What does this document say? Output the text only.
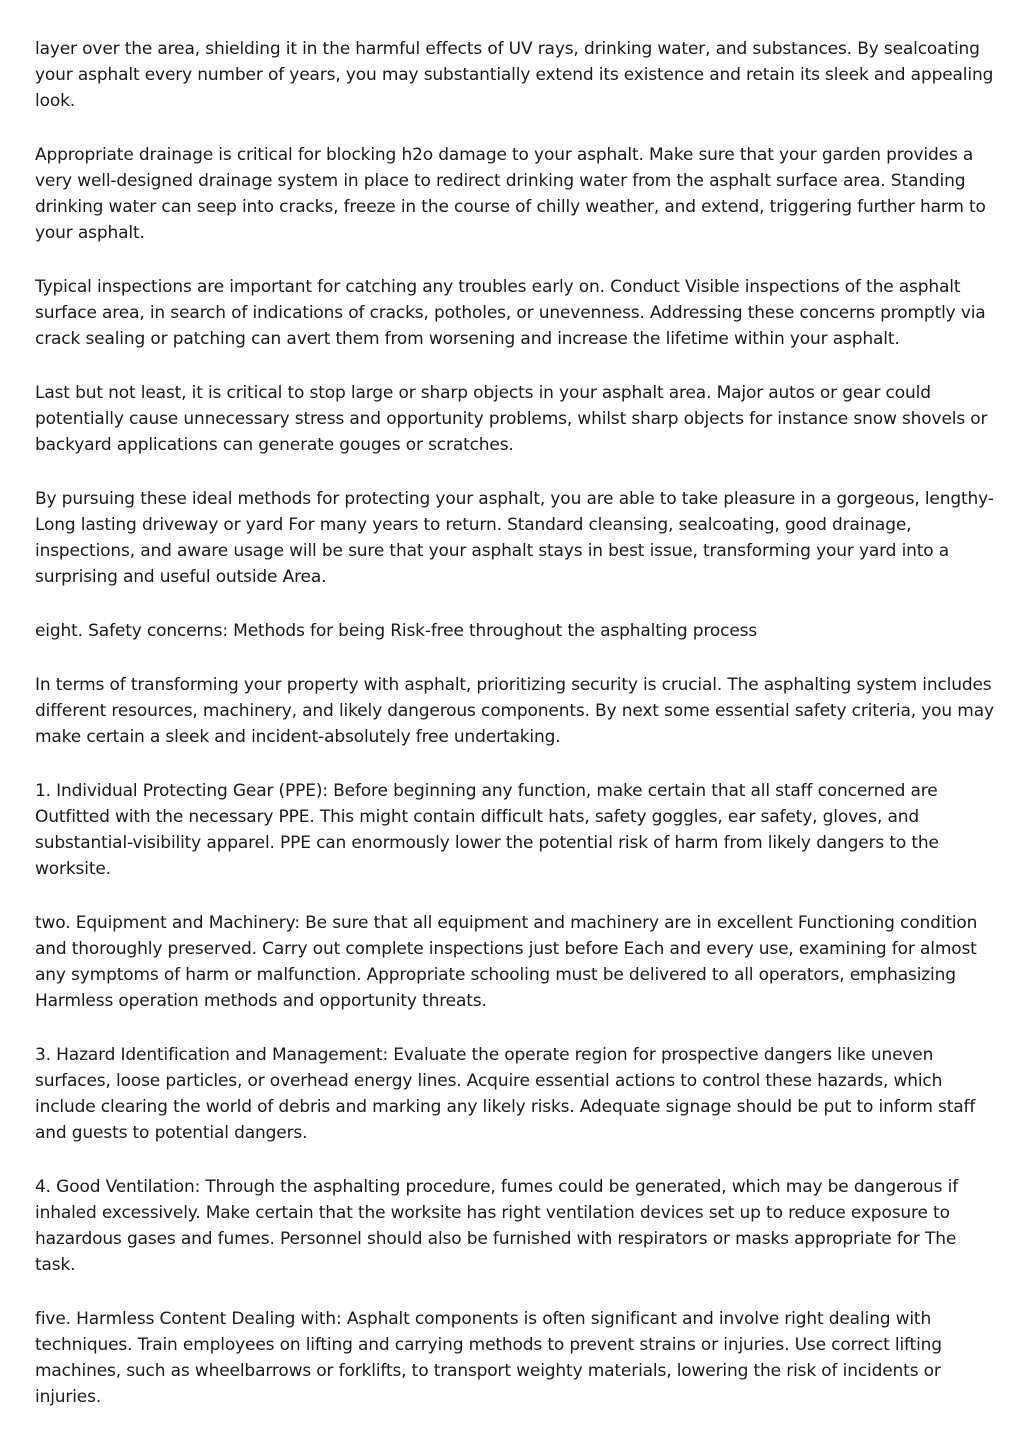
layer over the area, shielding it in the harmful effects of UV rays, drinking water, and substances. By sealcoating your asphalt every number of years, you may substantially extend its existence and retain its sleek and appealing look.

Appropriate drainage is critical for blocking h2o damage to your asphalt. Make sure that your garden provides a very well-designed drainage system in place to redirect drinking water from the asphalt surface area. Standing drinking water can seep into cracks, freeze in the course of chilly weather, and extend, triggering further harm to your asphalt.

Typical inspections are important for catching any troubles early on. Conduct Visible inspections of the asphalt surface area, in search of indications of cracks, potholes, or unevenness. Addressing these concerns promptly via crack sealing or patching can avert them from worsening and increase the lifetime within your asphalt.

Last but not least, it is critical to stop large or sharp objects in your asphalt area. Major autos or gear could potentially cause unnecessary stress and opportunity problems, whilst sharp objects for instance snow shovels or backyard applications can generate gouges or scratches.

By pursuing these ideal methods for protecting your asphalt, you are able to take pleasure in a gorgeous, lengthy-Long lasting driveway or yard For many years to return. Standard cleansing, sealcoating, good drainage, inspections, and aware usage will be sure that your asphalt stays in best issue, transforming your yard into a surprising and useful outside Area.

eight. Safety concerns: Methods for being Risk-free throughout the asphalting process

In terms of transforming your property with asphalt, prioritizing security is crucial. The asphalting system includes different resources, machinery, and likely dangerous components. By next some essential safety criteria, you may make certain a sleek and incident-absolutely free undertaking.

1. Individual Protecting Gear (PPE): Before beginning any function, make certain that all staff concerned are Outfitted with the necessary PPE. This might contain difficult hats, safety goggles, ear safety, gloves, and substantial-visibility apparel. PPE can enormously lower the potential risk of harm from likely dangers to the worksite.

two. Equipment and Machinery: Be sure that all equipment and machinery are in excellent Functioning condition and thoroughly preserved. Carry out complete inspections just before Each and every use, examining for almost any symptoms of harm or malfunction. Appropriate schooling must be delivered to all operators, emphasizing Harmless operation methods and opportunity threats.

3. Hazard Identification and Management: Evaluate the operate region for prospective dangers like uneven surfaces, loose particles, or overhead energy lines. Acquire essential actions to control these hazards, which include clearing the world of debris and marking any likely risks. Adequate signage should be put to inform staff and guests to potential dangers.

4. Good Ventilation: Through the asphalting procedure, fumes could be generated, which may be dangerous if inhaled excessively. Make certain that the worksite has right ventilation devices set up to reduce exposure to hazardous gases and fumes. Personnel should also be furnished with respirators or masks appropriate for The task.

five. Harmless Content Dealing with: Asphalt components is often significant and involve right dealing with techniques. Train employees on lifting and carrying methods to prevent strains or injuries. Use correct lifting machines, such as wheelbarrows or forklifts, to transport weighty materials, lowering the risk of incidents or injuries.
